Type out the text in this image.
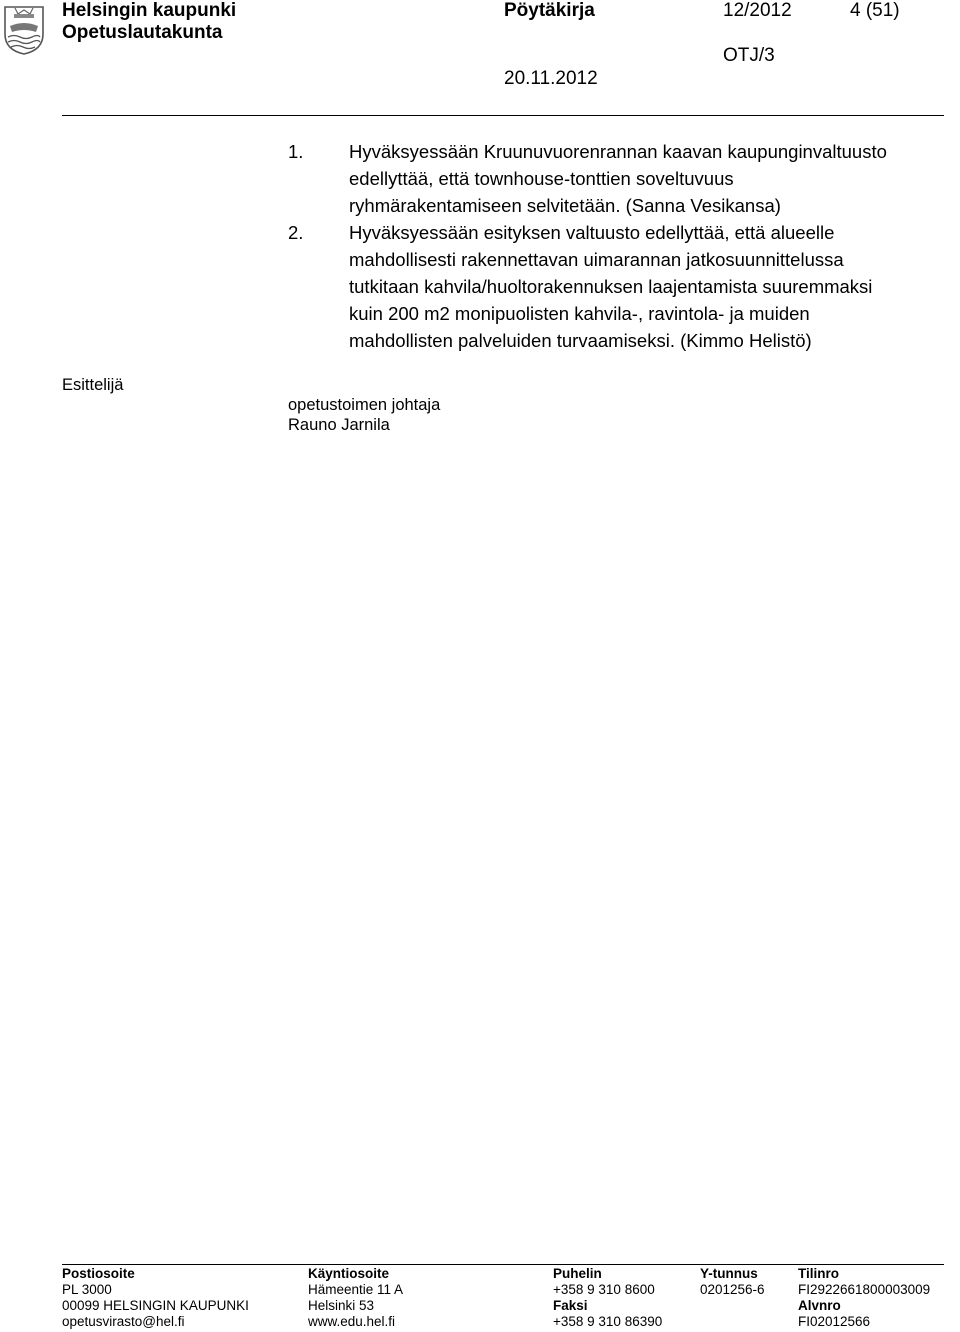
Helsingin kaupunki
Opetuslautakunta
Pöytäkirja	12/2012	4 (51)
OTJ/3
20.11.2012
1. Hyväksyessään Kruunuvuorenrannan kaavan kaupunginvaltuusto
edellyttää, että townhouse-tonttien soveltuvuus
ryhmärakentamiseen selvitetään. (Sanna Vesikansa)
2. Hyväksyessään esityksen valtuusto edellyttää, että alueelle
mahdollisesti rakennettavan uimarannan jatkosuunnittelussa
tutkitaan kahvila/huoltorakennuksen laajentamista suuremmaksi
kuin 200 m2 monipuolisten kahvila-, ravintola- ja muiden
mahdollisten palveluiden turvaamiseksi. (Kimmo Helistö)
Esittelijä
opetustoimen johtaja
Rauno Jarnila
Postiosoite
PL 3000
00099 HELSINGIN KAUPUNKI
opetusvirasto@hel.fi
Käyntiosoite
Hämeentie 11 A
Helsinki 53
www.edu.hel.fi
Puhelin
+358 9 310 8600
Faksi
+358 9 310 86390
Y-tunnus
0201256-6
Tilinro
FI2922661800003009
Alvnro
FI02012566
